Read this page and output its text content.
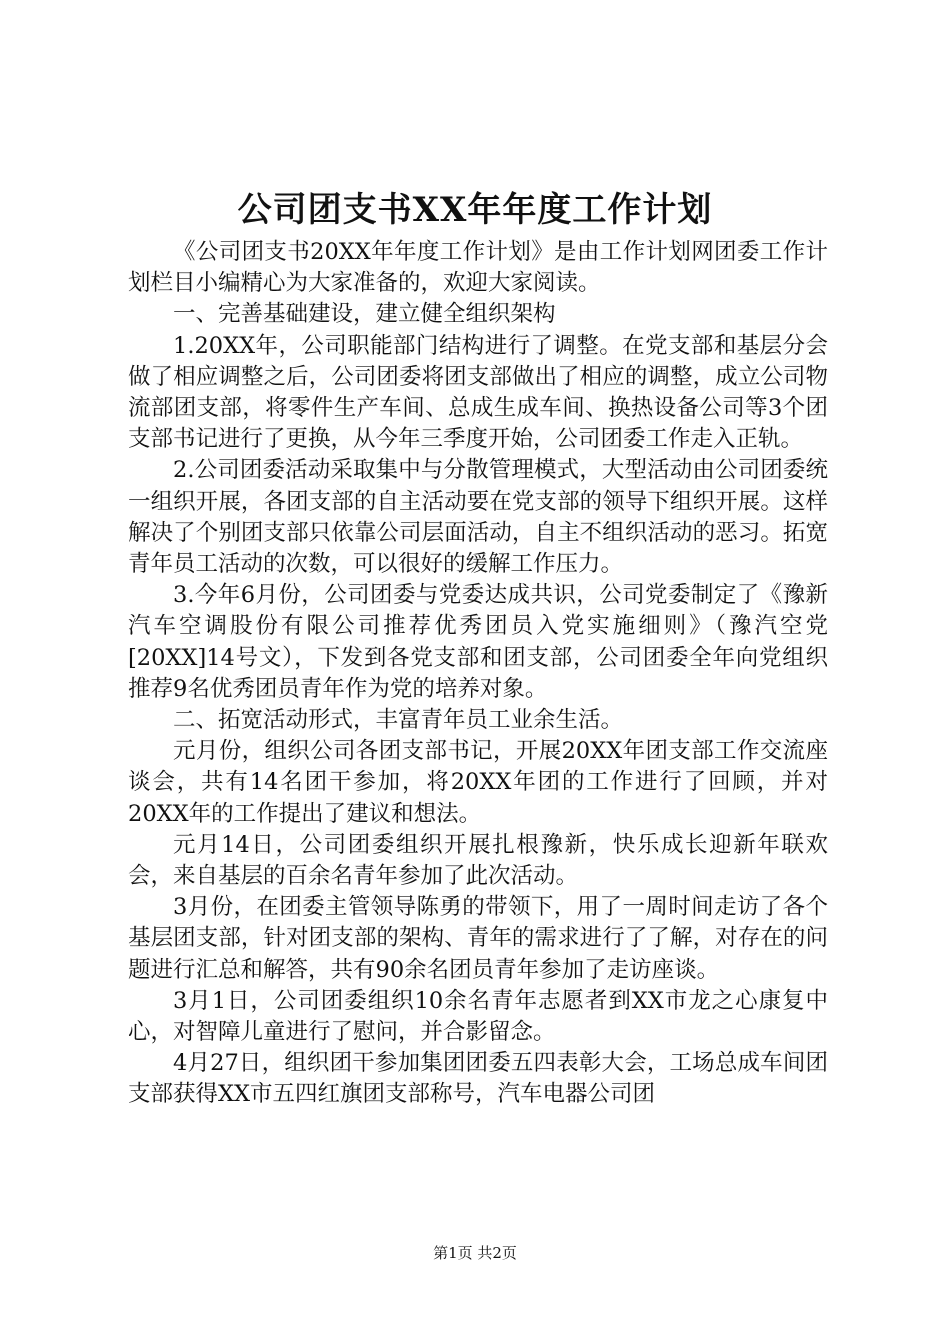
公司团支书XX年年度工作计划

《公司团支书20XX年年度工作计划》是由工作计划网团委工作计划栏目小编精心为大家准备的，欢迎大家阅读。

一、完善基础建设，建立健全组织架构

1.20XX年，公司职能部门结构进行了调整。在党支部和基层分会做了相应调整之后，公司团委将团支部做出了相应的调整，成立公司物流部团支部，将零件生产车间、总成生成车间、换热设备公司等3个团支部书记进行了更换，从今年三季度开始，公司团委工作走入正轨。

2.公司团委活动采取集中与分散管理模式，大型活动由公司团委统一组织开展，各团支部的自主活动要在党支部的领导下组织开展。这样解决了个别团支部只依靠公司层面活动，自主不组织活动的恶习。拓宽青年员工活动的次数，可以很好的缓解工作压力。

3.今年6月份，公司团委与党委达成共识，公司党委制定了《豫新汽车空调股份有限公司推荐优秀团员入党实施细则》（豫汽空党[20XX]14号文），下发到各党支部和团支部，公司团委全年向党组织推荐9名优秀团员青年作为党的培养对象。

二、拓宽活动形式，丰富青年员工业余生活。

元月份，组织公司各团支部书记，开展20XX年团支部工作交流座谈会，共有14名团干参加，将20XX年团的工作进行了回顾，并对20XX年的工作提出了建议和想法。

元月14日，公司团委组织开展扎根豫新，快乐成长迎新年联欢会，来自基层的百余名青年参加了此次活动。

3月份，在团委主管领导陈勇的带领下，用了一周时间走访了各个基层团支部，针对团支部的架构、青年的需求进行了了解，对存在的问题进行汇总和解答，共有90余名团员青年参加了走访座谈。

3月1日，公司团委组织10余名青年志愿者到XX市龙之心康复中心，对智障儿童进行了慰问，并合影留念。

4月27日，组织团干参加集团团委五四表彰大会，工场总成车间团支部获得XX市五四红旗团支部称号，汽车电器公司团

第1页 共2页
